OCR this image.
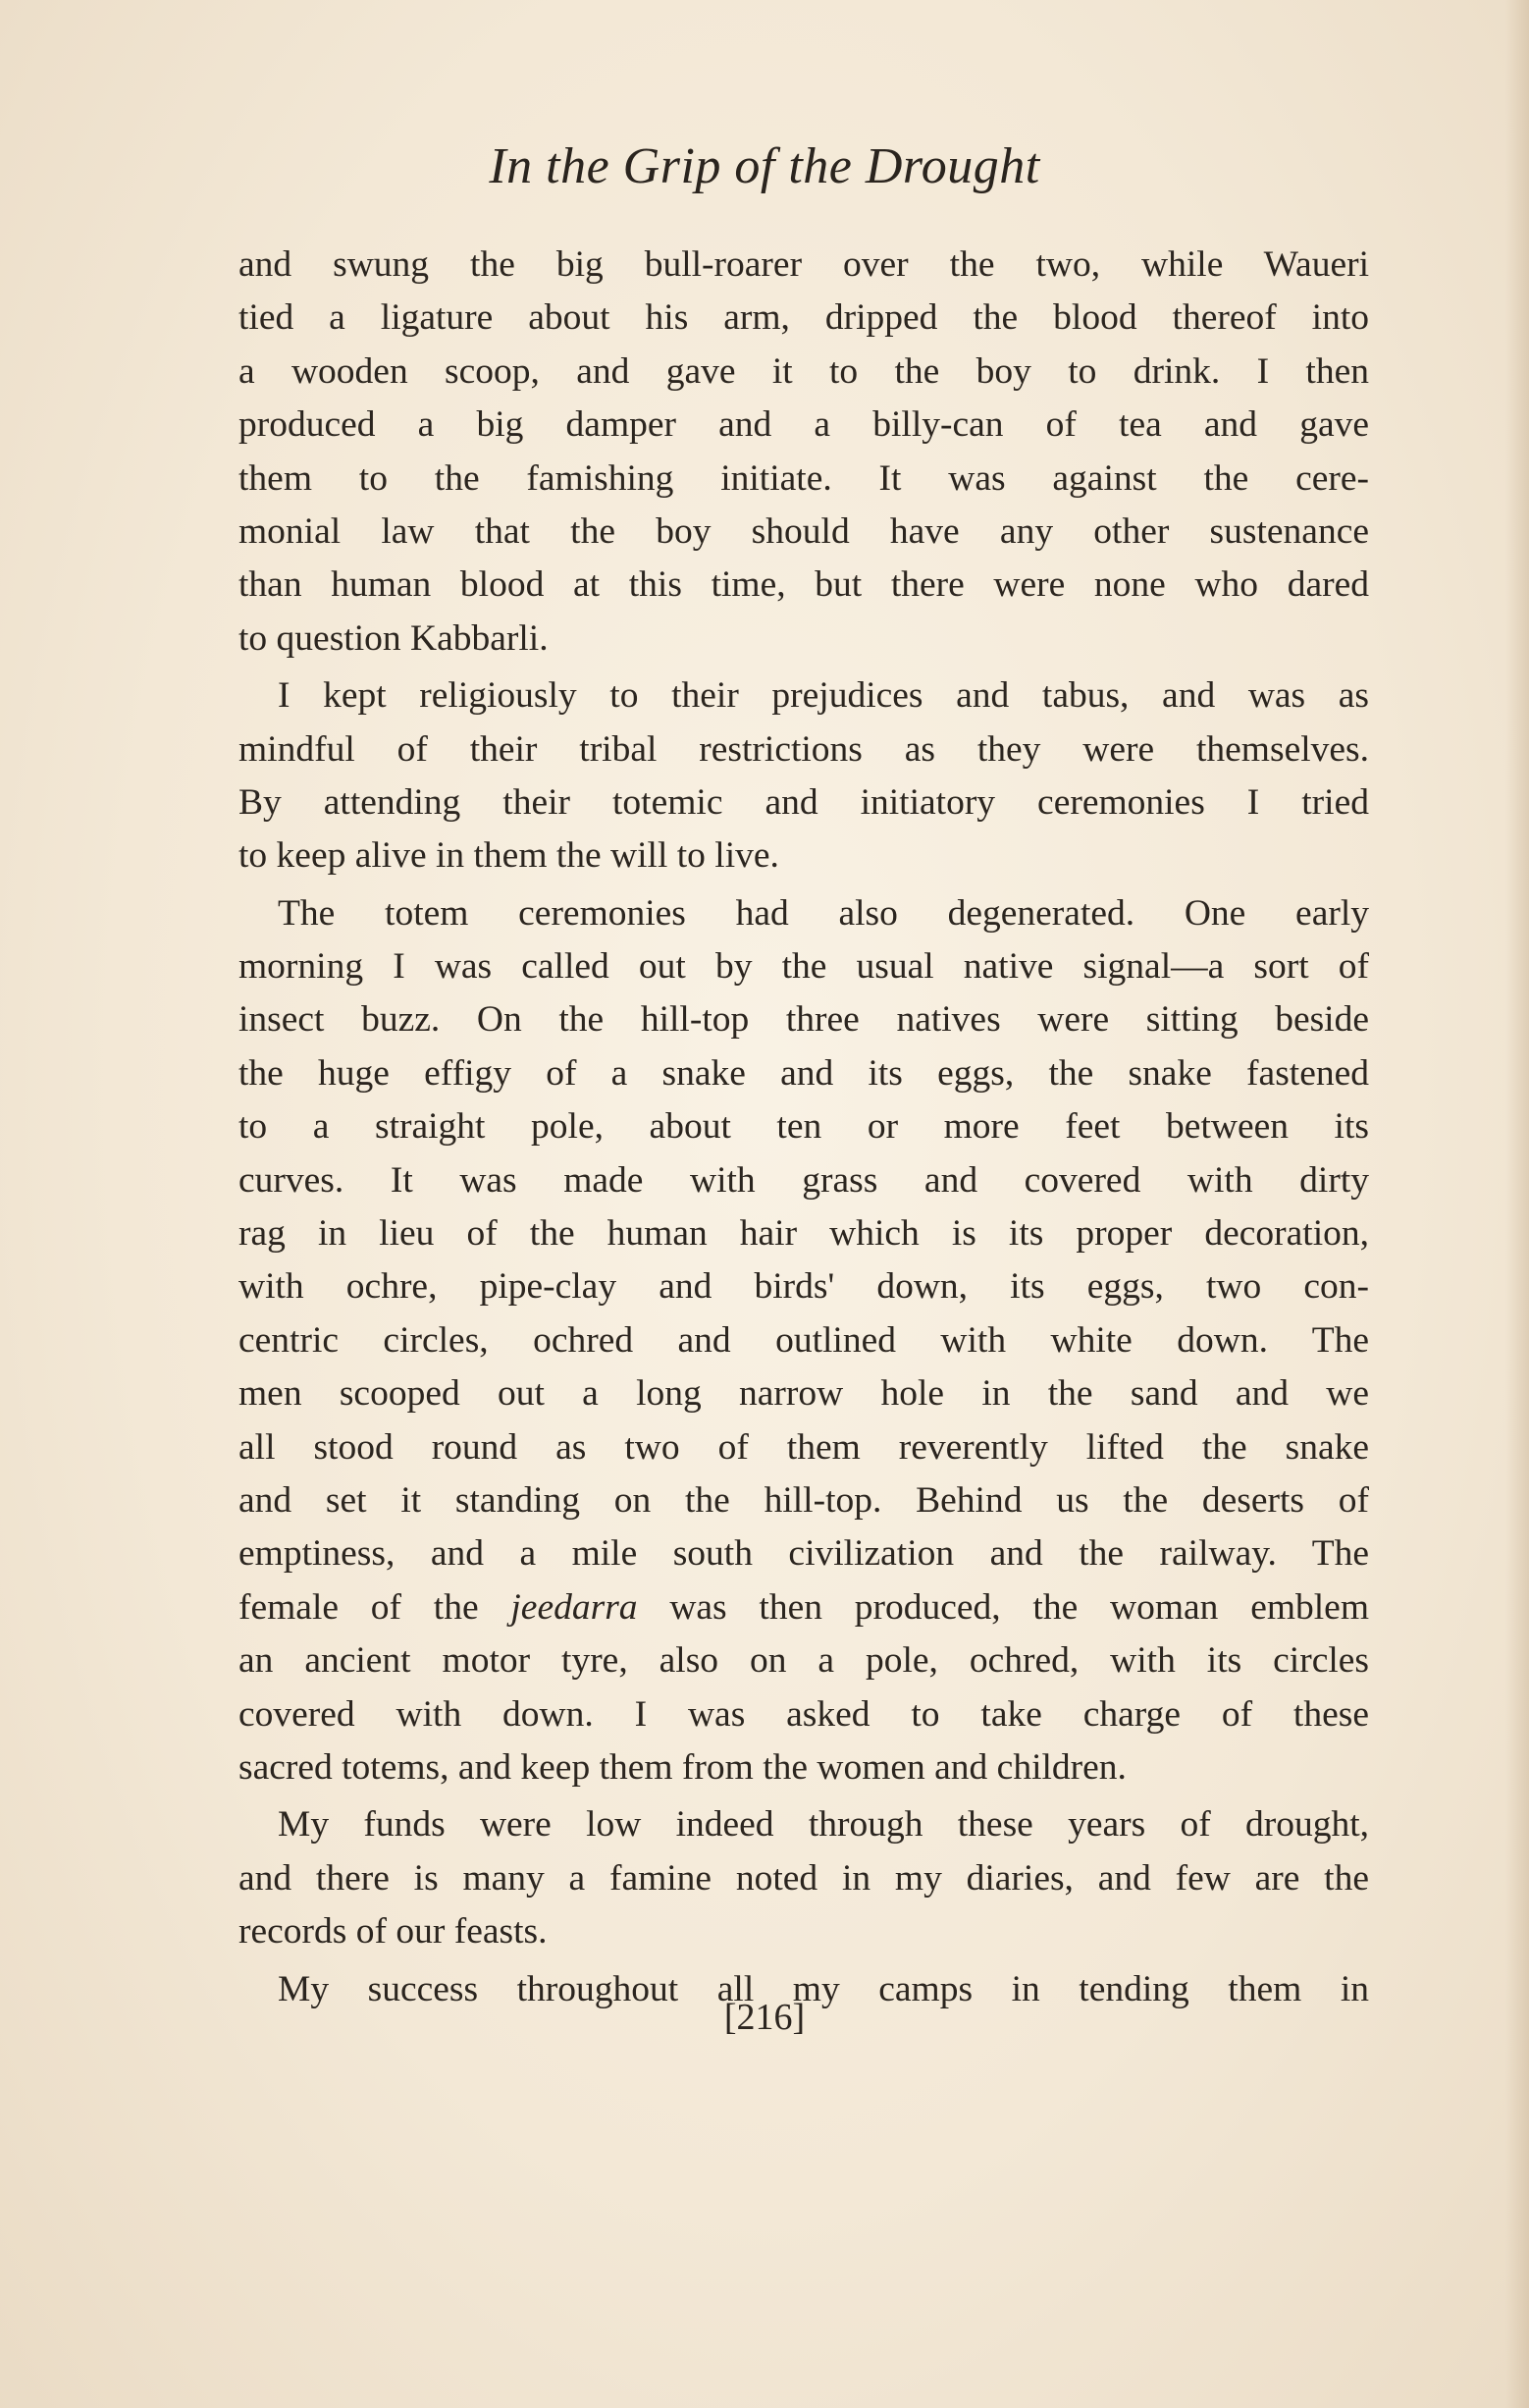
In the Grip of the Drought
and swung the big bull-roarer over the two, while Waueri
tied a ligature about his arm, dripped the blood thereof into
a wooden scoop, and gave it to the boy to drink. I then
produced a big damper and a billy-can of tea and gave
them to the famishing initiate. It was against the cere-
monial law that the boy should have any other sustenance
than human blood at this time, but there were none who dared
to question Kabbarli.
I kept religiously to their prejudices and tabus, and was as
mindful of their tribal restrictions as they were themselves.
By attending their totemic and initiatory ceremonies I tried
to keep alive in them the will to live.
The totem ceremonies had also degenerated. One early
morning I was called out by the usual native signal—a sort of
insect buzz. On the hill-top three natives were sitting beside
the huge effigy of a snake and its eggs, the snake fastened
to a straight pole, about ten or more feet between its
curves. It was made with grass and covered with dirty
rag in lieu of the human hair which is its proper decoration,
with ochre, pipe-clay and birds' down, its eggs, two con-
centric circles, ochred and outlined with white down. The
men scooped out a long narrow hole in the sand and we
all stood round as two of them reverently lifted the snake
and set it standing on the hill-top. Behind us the deserts of
emptiness, and a mile south civilization and the railway. The
female of the jeedarra was then produced, the woman emblem
an ancient motor tyre, also on a pole, ochred, with its circles
covered with down. I was asked to take charge of these
sacred totems, and keep them from the women and children.
My funds were low indeed through these years of drought,
and there is many a famine noted in my diaries, and few are the
records of our feasts.
My success throughout all my camps in tending them in
[216]
